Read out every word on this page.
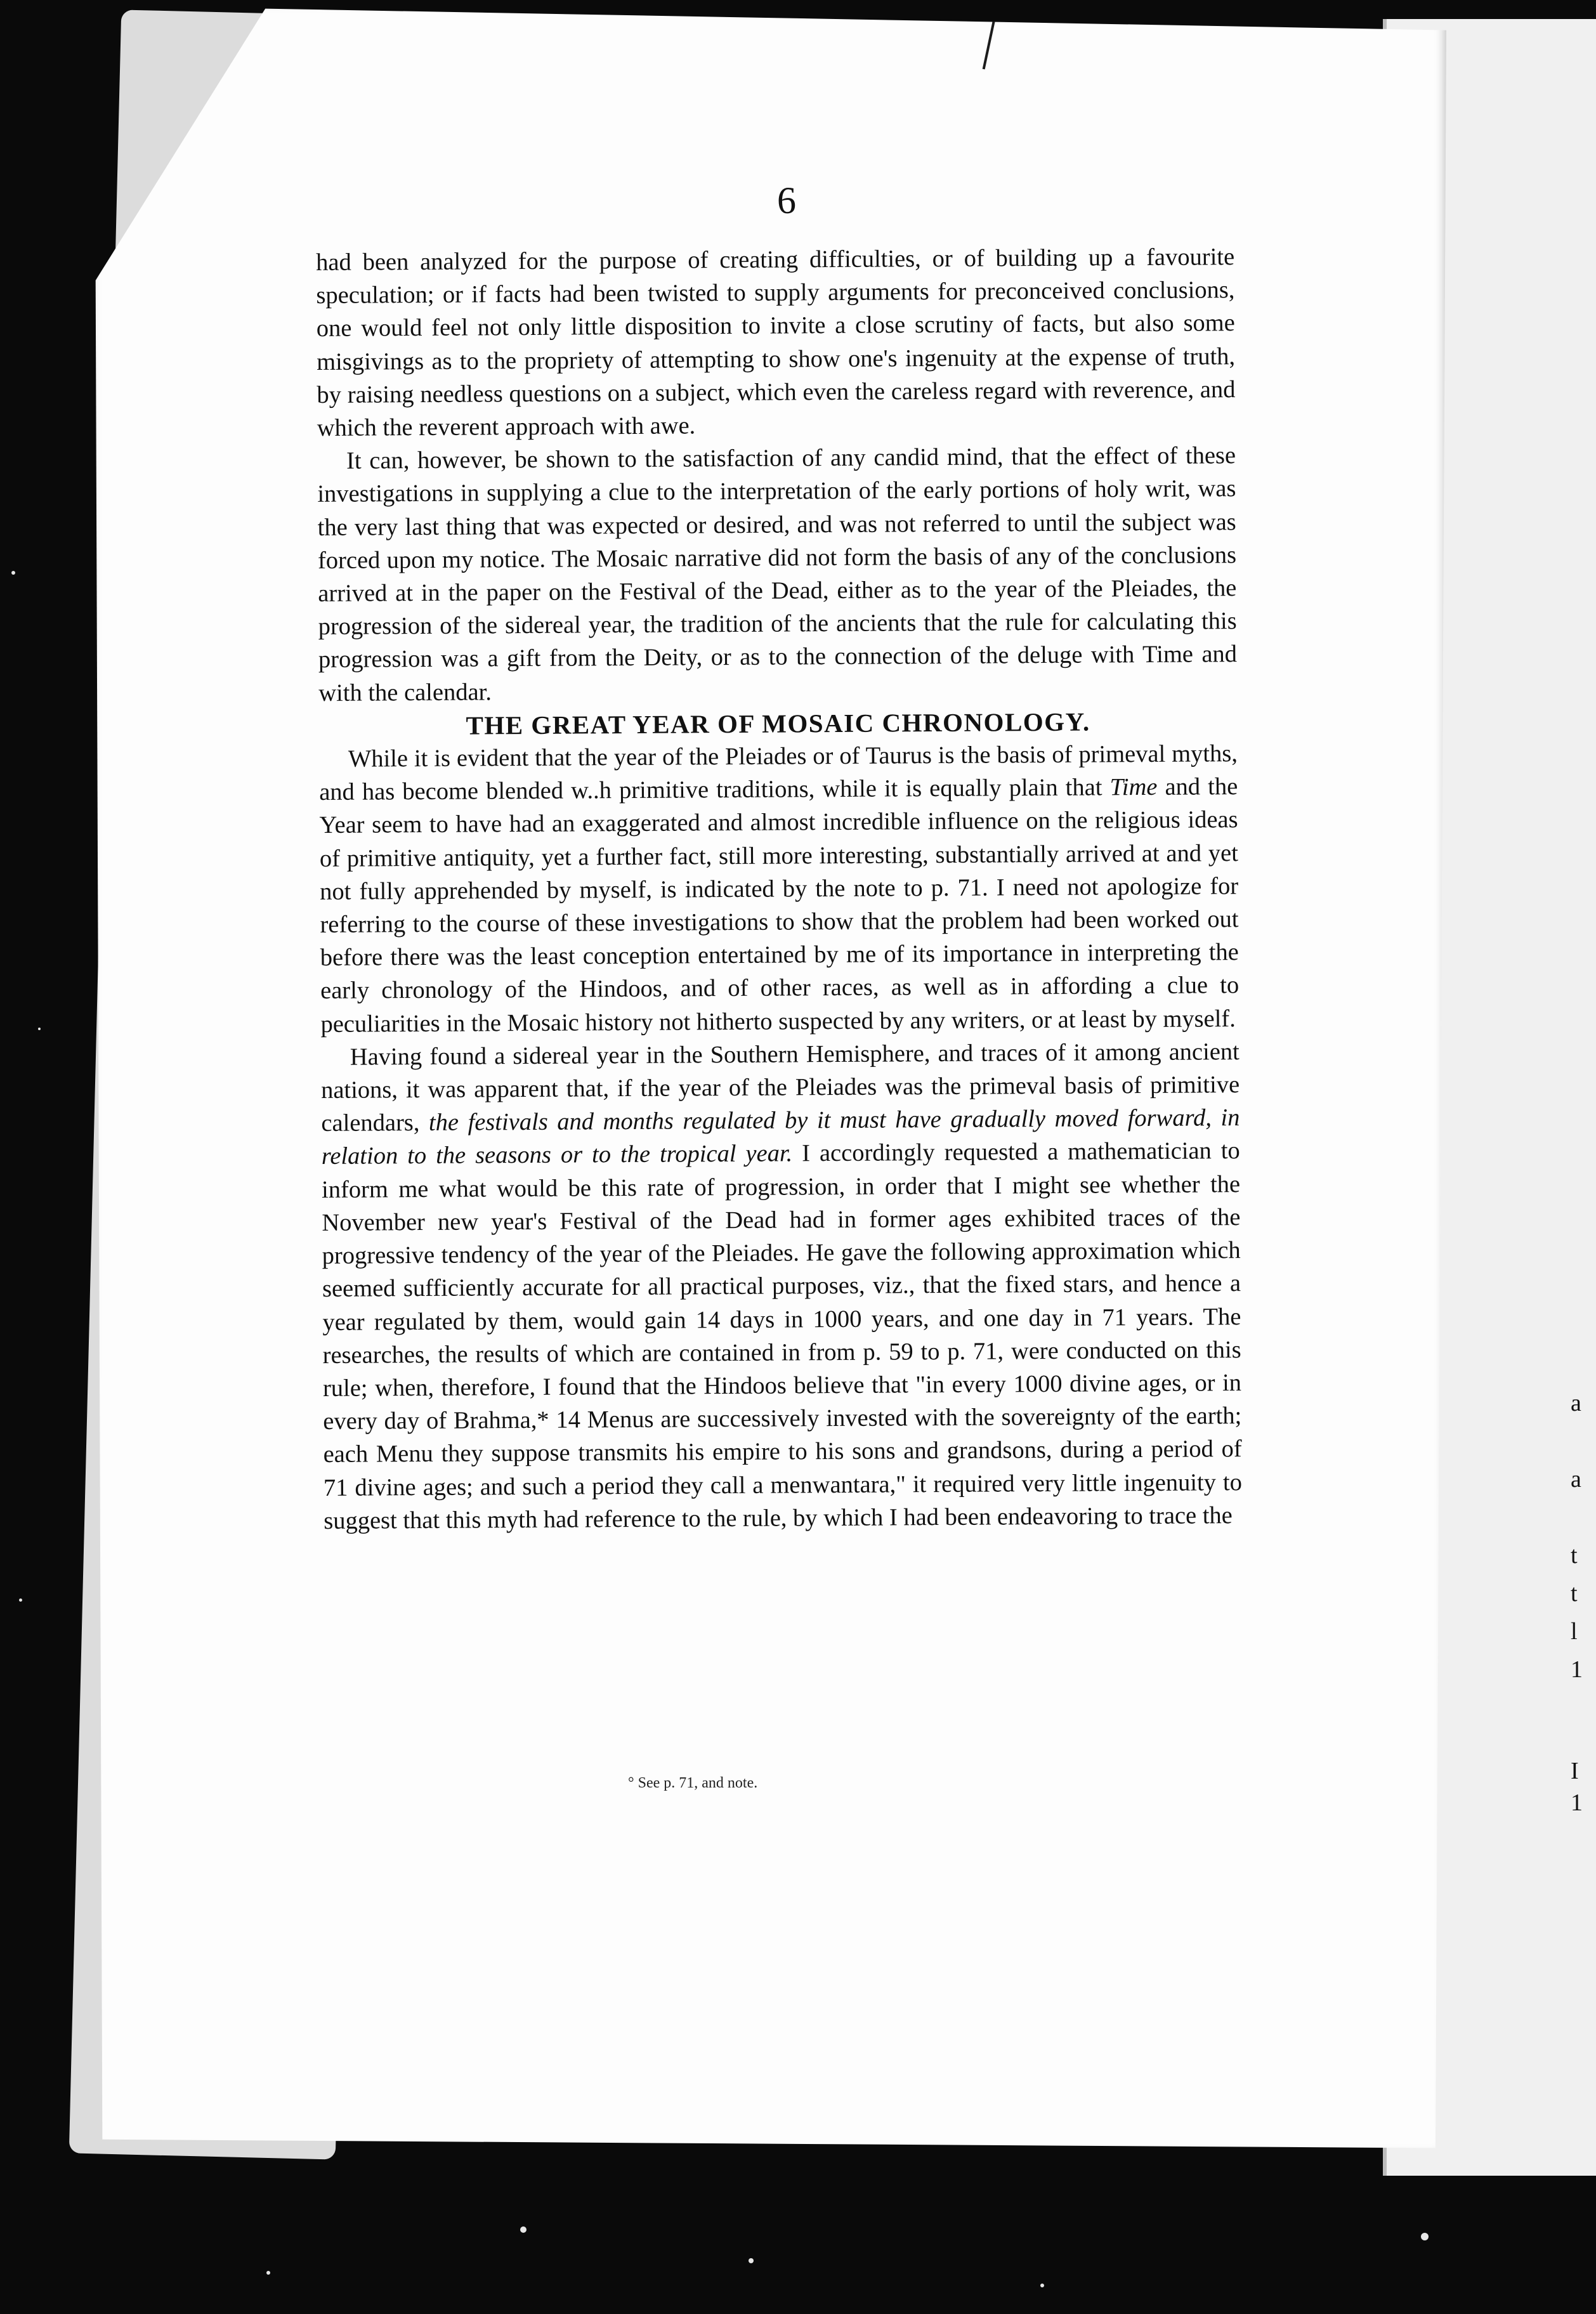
a
a
t
t
l
1
I
1
6

had been analyzed for the purpose of creating difficulties, or of building up a favourite speculation; or if facts had been twisted to supply arguments for preconceived conclusions, one would feel not only little disposition to invite a close scrutiny of facts, but also some misgivings as to the propriety of attempting to show one's ingenuity at the expense of truth, by raising needless questions on a subject, which even the careless regard with reverence, and which the reverent approach with awe.

It can, however, be shown to the satisfaction of any candid mind, that the effect of these investigations in supplying a clue to the interpretation of the early portions of holy writ, was the very last thing that was expected or desired, and was not referred to until the subject was forced upon my notice. The Mosaic narrative did not form the basis of any of the conclusions arrived at in the paper on the Festival of the Dead, either as to the year of the Pleiades, the progression of the sidereal year, the tradition of the ancients that the rule for calculating this progression was a gift from the Deity, or as to the connection of the deluge with Time and with the calendar.

THE GREAT YEAR OF MOSAIC CHRONOLOGY.

While it is evident that the year of the Pleiades or of Taurus is the basis of primeval myths, and has become blended w..h primitive traditions, while it is equally plain that Time and the Year seem to have had an exaggerated and almost incredible influence on the religious ideas of primitive antiquity, yet a further fact, still more interesting, substantially arrived at and yet not fully apprehended by myself, is indicated by the note to p. 71. I need not apologize for referring to the course of these investigations to show that the problem had been worked out before there was the least conception entertained by me of its importance in interpreting the early chronology of the Hindoos, and of other races, as well as in affording a clue to peculiarities in the Mosaic history not hitherto suspected by any writers, or at least by myself.

Having found a sidereal year in the Southern Hemisphere, and traces of it among ancient nations, it was apparent that, if the year of the Pleiades was the primeval basis of primitive calendars, the festivals and months regulated by it must have gradually moved forward, in relation to the seasons or to the tropical year. I accordingly requested a mathematician to inform me what would be this rate of progression, in order that I might see whether the November new year's Festival of the Dead had in former ages exhibited traces of the progressive tendency of the year of the Pleiades. He gave the following approximation which seemed sufficiently accurate for all practical purposes, viz., that the fixed stars, and hence a year regulated by them, would gain 14 days in 1000 years, and one day in 71 years. The researches, the results of which are contained in from p. 59 to p. 71, were conducted on this rule; when, therefore, I found that the Hindoos believe that "in every 1000 divine ages, or in every day of Brahma,* 14 Menus are successively invested with the sovereignty of the earth; each Menu they suppose transmits his empire to his sons and grandsons, during a period of 71 divine ages; and such a period they call a menwantara," it required very little ingenuity to suggest that this myth had reference to the rule, by which I had been endeavoring to trace the

° See p. 71, and note.
